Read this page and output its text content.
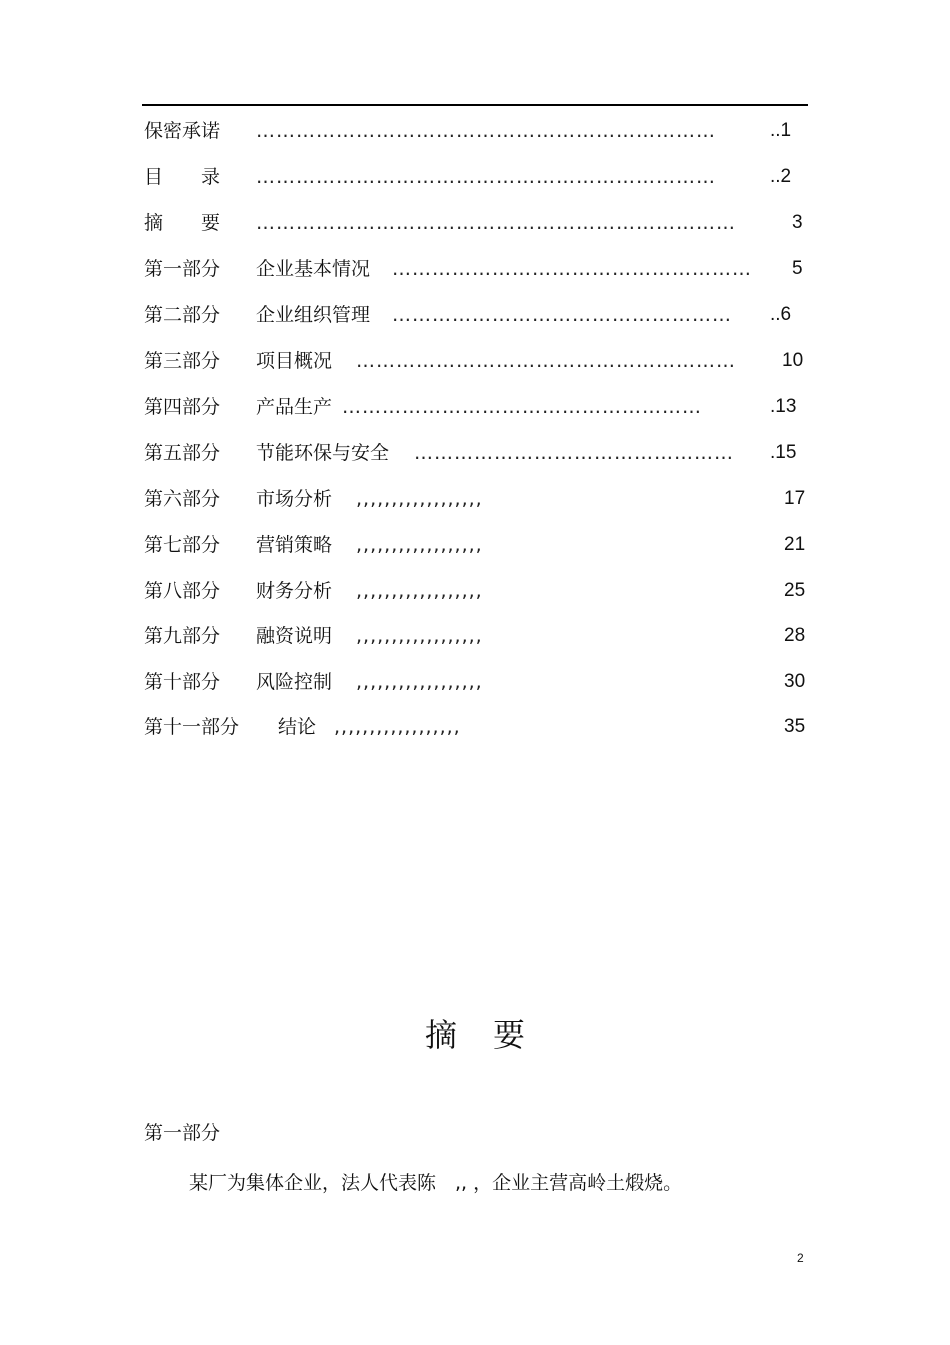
保密承诺 ……………………………………………………………	..1
目　　录 ……………………………………………………………	..2
摘　　要 ………………………………………………………………	3
第一部分 企业基本情况 ……………………………………………… 5
第二部分 企业组织管理 …………………………………………… ..6
第三部分 项目概况 ………………………………………………… 10
第四部分 产品生产 ………………………………………………	.13
第五部分 节能环保与安全 ………………………………………… .15
第六部分 市场分析 ,,,,,,,,,,,,,,,,,,	17
第七部分 营销策略 ,,,,,,,,,,,,,,,,,,	21
第八部分 财务分析 ,,,,,,,,,,,,,,,,,,	25
第九部分 融资说明 ,,,,,,,,,,,,,,,,,,	28
第十部分 风险控制 ,,,,,,,,,,,,,,,,,,	30
第十一部分 结论 ,,,,,,,,,,,,,,,,,,	35
摘要
第一部分
某厂为集体企业，法人代表陈　,, ，企业主营高岭土煅烧。
2
